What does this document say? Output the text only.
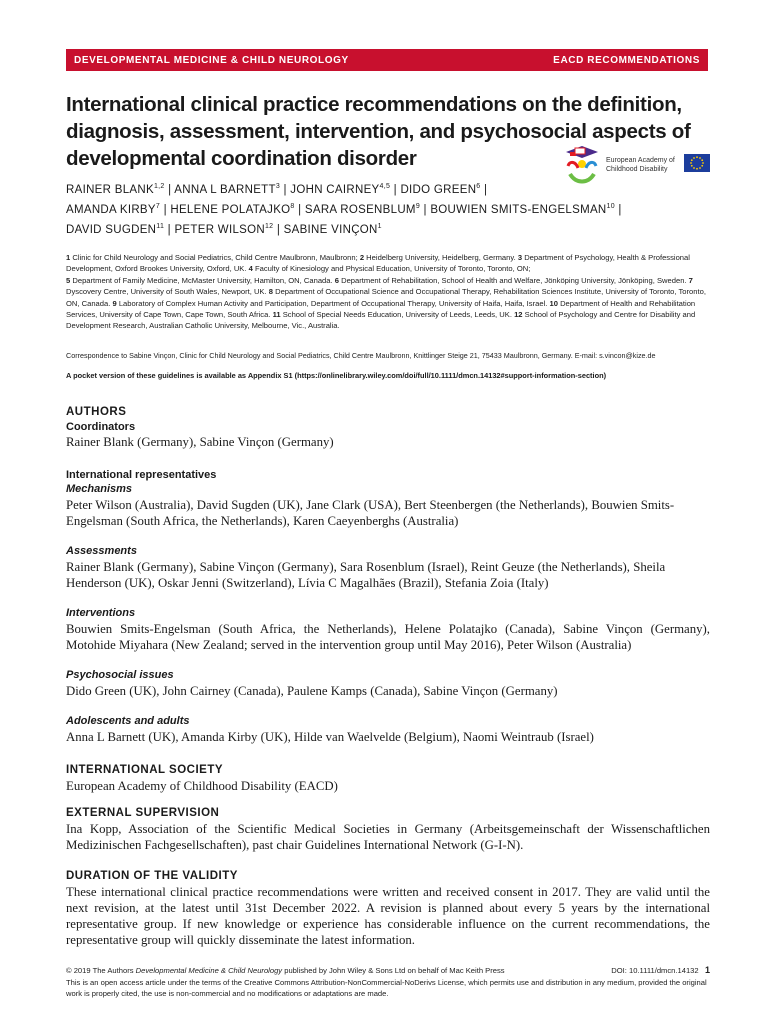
DEVELOPMENTAL MEDICINE & CHILD NEUROLOGY	EACD RECOMMENDATIONS
International clinical practice recommendations on the definition, diagnosis, assessment, intervention, and psychosocial aspects of developmental coordination disorder	European Academy of
Childhood Disability
RAINER BLANK$^{1,2}$ | ANNA L BARNETT$^3$ | JOHN CAIRNEY$^{4,5}$ | DIDO GREEN$^6$ |
AMANDA KIRBY$^7$ | HELENE POLATAJKO$^8$ | SARA ROSENBLUM$^9$ | BOUWIEN SMITS-ENGELSMAN$^{10}$ |
DAVID SUGDEN$^{11}$ | PETER WILSON$^{12}$ | SABINE VINÇON$^1$

1 Clinic for Child Neurology and Social Pediatrics, Child Centre Maulbronn, Maulbronn; 2 Heidelberg University, Heidelberg, Germany. 3 Department of Psychology, Health & Professional Development, Oxford Brookes University, Oxford, UK. 4 Faculty of Kinesiology and Physical Education, University of Toronto, Toronto, ON;
5 Department of Family Medicine, McMaster University, Hamilton, ON, Canada. 6 Department of Rehabilitation, School of Health and Welfare, Jönköping University, Jönköping, Sweden. 7 Dyscovery Centre, University of South Wales, Newport, UK. 8 Department of Occupational Science and Occupational Therapy, Rehabilitation Sciences Institute, University of Toronto, Toronto, ON, Canada. 9 Laboratory of Complex Human Activity and Participation, Department of Occupational Therapy, University of Haifa, Haifa, Israel. 10 Department of Health and Rehabilitation Services, University of Cape Town, Cape Town, South Africa. 11 School of Special Needs Education, University of Leeds, Leeds, UK. 12 School of Psychology and Centre for Disability and Development Research, Australian Catholic University, Melbourne, Vic., Australia.

Correspondence to Sabine Vinçon, Clinic for Child Neurology and Social Pediatrics, Child Centre Maulbronn, Knittlinger Steige 21, 75433 Maulbronn, Germany. E-mail: s.vincon@kize.de
A pocket version of these guidelines is available as Appendix S1 (https://onlinelibrary.wiley.com/doi/full/10.1111/dmcn.14132#support-information-section)
AUTHORS
Coordinators

Rainer Blank (Germany), Sabine Vinçon (Germany)

International representatives
Mechanisms

Peter Wilson (Australia), David Sugden (UK), Jane Clark (USA), Bert Steenbergen (the Netherlands), Bouwien Smits-Engelsman (South Africa, the Netherlands), Karen Caeyenberghs (Australia)

Assessments

Rainer Blank (Germany), Sabine Vinçon (Germany), Sara Rosenblum (Israel), Reint Geuze (the Netherlands), Sheila Henderson (UK), Oskar Jenni (Switzerland), Lívia C Magalhães (Brazil), Stefania Zoia (Italy)

Interventions

Bouwien Smits-Engelsman (South Africa, the Netherlands), Helene Polatajko (Canada), Sabine Vinçon (Germany), Motohide Miyahara (New Zealand; served in the intervention group until May 2016), Peter Wilson (Australia)

Psychosocial issues

Dido Green (UK), John Cairney (Canada), Paulene Kamps (Canada), Sabine Vinçon (Germany)

Adolescents and adults

Anna L Barnett (UK), Amanda Kirby (UK), Hilde van Waelvelde (Belgium), Naomi Weintraub (Israel)

INTERNATIONAL SOCIETY

European Academy of Childhood Disability (EACD)

EXTERNAL SUPERVISION

Ina Kopp, Association of the Scientific Medical Societies in Germany (Arbeitsgemeinschaft der Wissenschaftlichen Medizinischen Fachgesellschaften), past chair Guidelines International Network (G-I-N).

DURATION OF THE VALIDITY

These international clinical practice recommendations were written and received consent in 2017. They are valid until the next revision, at the latest until 31st December 2022. A revision is planned about every 5 years by the international representative group. If new knowledge or experience has considerable influence on the current recommendations, the representative group will quickly disseminate the latest information.

© 2019 The Authors Developmental Medicine & Child Neurology published by John Wiley & Sons Ltd on behalf of Mac Keith Press	DOI: 10.1111/dmcn.14132 1
This is an open access article under the terms of the Creative Commons Attribution-NonCommercial-NoDerivs License, which permits use and distribution in any medium, provided the original work is properly cited, the use is non-commercial and no modifications or adaptations are made.
